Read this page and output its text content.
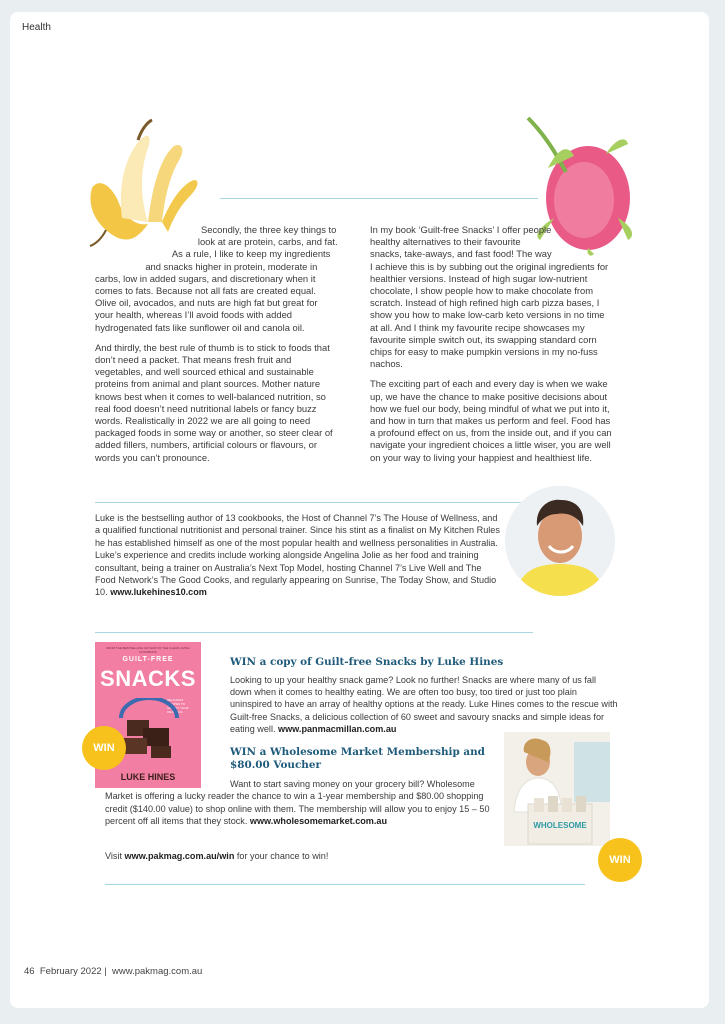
Health

Secondly, the three key things to look at are protein, carbs, and fat. As a rule, I like to keep my ingredients and snacks higher in protein, moderate in carbs, low in added sugars, and discretionary when it comes to fats. Because not all fats are created equal. Olive oil, avocados, and nuts are high fat but great for your health, whereas I’ll avoid foods with added hydrogenated fats like sunflower oil and canola oil.

And thirdly, the best rule of thumb is to stick to foods that don’t need a packet. That means fresh fruit and vegetables, and well sourced ethical and sustainable proteins from animal and plant sources. Mother nature knows best when it comes to well-balanced nutrition, so real food doesn’t need nutritional labels or fancy buzz words. Realistically in 2022 we are all going to need packaged foods in some way or another, so steer clear of added fillers, numbers, artificial colours or flavours, or words you can’t pronounce.

In my book ‘Guilt-free Snacks’ I offer people healthy alternatives to their favourite snacks, take-aways, and fast food! The way I achieve this is by subbing out the original ingredients for healthier versions. Instead of high sugar low-nutrient chocolate, I show people how to make chocolate from scratch. Instead of high refined high carb pizza bases, I show you how to make low-carb keto versions in no time at all. And I think my favourite recipe showcases my favourite simple switch out, its swapping standard corn chips for easy to make pumpkin versions in my no-fuss nachos.

The exciting part of each and every day is when we wake up, we have the chance to make positive decisions about how we fuel our body, being mindful of what we put into it, and how in turn that makes us perform and feel. Food has a profound effect on us, from the inside out, and if you can navigate your ingredient choices a little wiser, you are well on your way to living your happiest and healthiest life.

Luke is the bestselling author of 13 cookbooks, the Host of Channel 7’s The House of Wellness, and a qualified functional nutritionist and personal trainer. Since his stint as a finalist on My Kitchen Rules he has established himself as one of the most popular health and wellness personalities in Australia. Luke’s experience and credits include working alongside Angelina Jolie as her food and training consultant, being a trainer on Australia’s Next Top Model, hosting Channel 7’s Live Well and The Food Network’s The Good Cooks, and regularly appearing on Sunrise, The Today Show, and Studio 10. www.lukehines10.com
FROM THE BESTSELLING AUTHOR OF THE CLEAN LIVING COOKBOOK
GUILT-FREE
SNACKS
DELICIOUS RECIPES TO SATISFY YOUR CRAVINGS
LUKE HINES
WIN
WIN a copy of Guilt-free Snacks by Luke Hines

Looking to up your healthy snack game? Look no further! Snacks are where many of us fall down when it comes to healthy eating. We are often too busy, too tired or just too plain uninspired to have an array of healthy options at the ready. Luke Hines comes to the rescue with Guilt-free Snacks, a delicious collection of 60 sweet and savoury snacks and simple ideas for eating well. www.panmacmillan.com.au

WIN a Wholesome Market Membership and
$80.00 Voucher

Want to start saving money on your grocery bill? Wholesome Market is offering a lucky reader the chance to win a 1-year membership and $80.00 shopping credit ($140.00 value) to shop online with them. The membership will allow you to enjoy 15 – 50 percent off all items that they stock. www.wholesomemarket.com.au	WHOLESOME
WIN
Visit www.pakmag.com.au/win for your chance to win!
46 February 2022 |  www.pakmag.com.au
